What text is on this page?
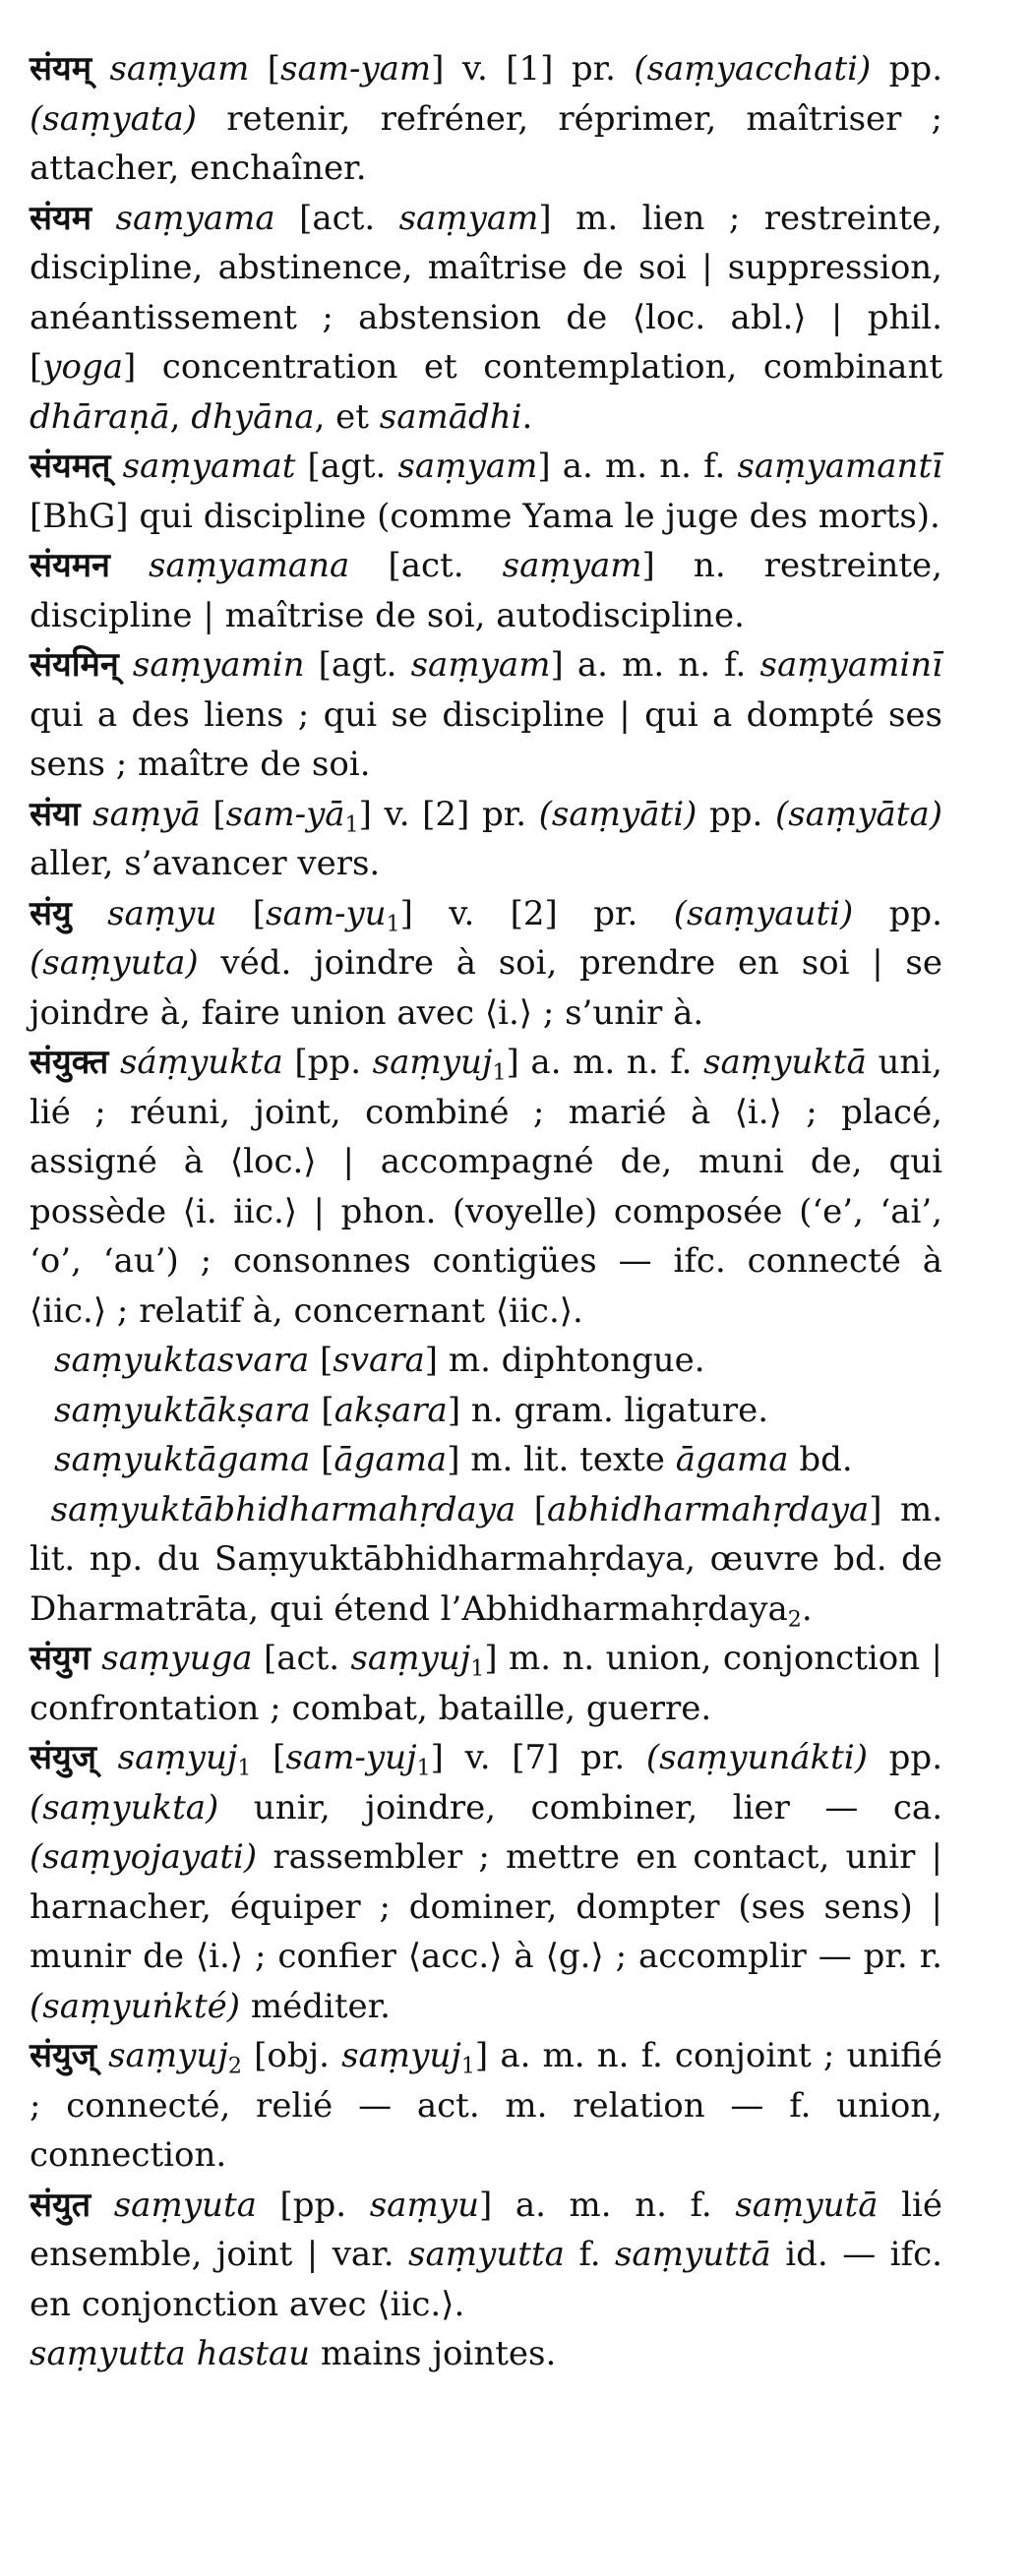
संयम् saṃyam [sam-yam] v. [1] pr. (saṃyacchati) pp. (saṃyata) retenir, refréner, réprimer, maîtriser ; attacher, enchaîner.

संयम saṃyama [act. saṃyam] m. lien ; restreinte, discipline, abstinence, maîtrise de soi | suppression, anéantissement ; abstension de ⟨loc. abl.⟩ | phil. [yoga] concentration et contemplation, combinant dhāraṇā, dhyāna, et samādhi.

संयमत् saṃyamat [agt. saṃyam] a. m. n. f. saṃyamantī [BhG] qui discipline (comme Yama le juge des morts).

संयमन saṃyamana [act. saṃyam] n. restreinte, discipline | maîtrise de soi, autodiscipline.

संयमिन् saṃyamin [agt. saṃyam] a. m. n. f. saṃyaminī qui a des liens ; qui se discipline | qui a dompté ses sens ; maître de soi.

संया saṃyā $[sam-yā_1]$ v. [2] pr. (saṃyāti) pp. (saṃyāta) aller, s’avancer vers.

संयु saṃyu $[sam-yu_1]$ v. [2] pr. (saṃyauti) pp. (saṃyuta) véd. joindre à soi, prendre en soi | se joindre à, faire union avec ⟨i.⟩ ; s’unir à.

संयुक्त sáṃyukta [pp. saṃyuj$_1$] a. m. n. f. saṃyuktā uni, lié ; réuni, joint, combiné ; marié à ⟨i.⟩ ; placé, assigné à ⟨loc.⟩ | accompagné de, muni de, qui possède ⟨i. iic.⟩ | phon. (voyelle) composée (‘e’, ‘ai’, ‘o’, ‘au’) ; consonnes contigües — ifc. connecté à ⟨iic.⟩ ; relatif à, concernant ⟨iic.⟩.

saṃyuktasvara [svara] m. diphtongue.

saṃyuktākṣara [akṣara] n. gram. ligature.

saṃyuktāgama [āgama] m. lit. texte āgama bd.

 saṃyuktābhidharmahṛdaya [abhidharmahṛdaya] m. lit. np. du Saṃyuktābhidharmahṛdaya, œuvre bd. de Dharmatrāta, qui étend l’Abhidharmahṛdaya$_2$.

संयुग saṃyuga [act. saṃyuj$_1$] m. n. union, conjonction | confrontation ; combat, bataille, guerre.

संयुज् saṃyuj$_1$ [sam-yuj$_1$] v. [7] pr. (saṃyunákti) pp. (saṃyukta) unir, joindre, combiner, lier — ca. (saṃyojayati) rassembler ; mettre en contact, unir | harnacher, équiper ; dominer, dompter (ses sens) | munir de ⟨i.⟩ ; confier ⟨acc.⟩ à ⟨g.⟩ ; accomplir — pr. r. (saṃyuṅkté) méditer.

संयुज् saṃyuj$_2$ [obj. saṃyuj$_1$] a. m. n. f. conjoint ; unifié ; connecté, relié — act. m. relation — f. union, connection.

संयुत saṃyuta [pp. saṃyu] a. m. n. f. saṃyutā lié ensemble, joint | var. saṃyutta f. saṃyuttā id. — ifc. en conjonction avec ⟨iic.⟩.

saṃyutta hastau mains jointes.
